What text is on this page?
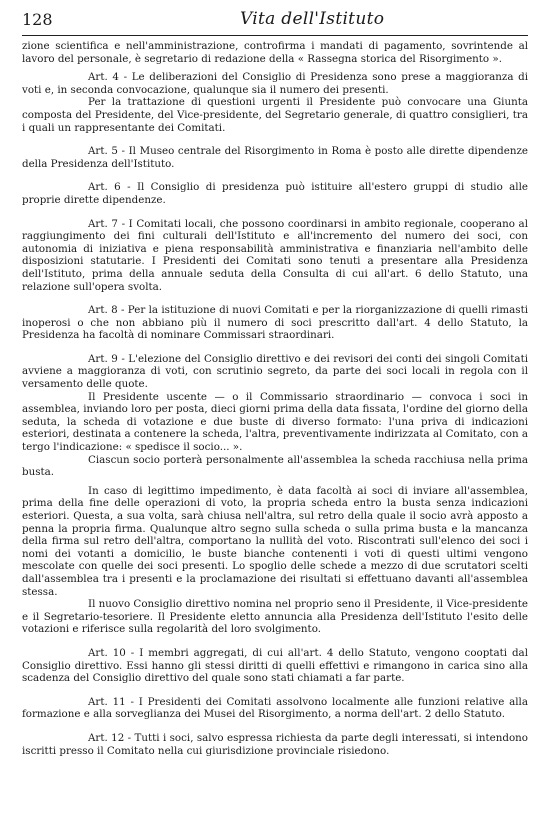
128	Vita dell'Istituto

zione scientifica e nell'amministrazione, controfirma i mandati di pagamento, sovrintende al lavoro del personale, è segretario di redazione della « Rassegna storica del Risorgimento ».

Art. 4 - Le deliberazioni del Consiglio di Presidenza sono prese a maggioranza di voti e, in seconda convocazione, qualunque sia il numero dei presenti.

Per la trattazione di questioni urgenti il Presidente può convocare una Giunta composta del Presidente, del Vice-presidente, del Segretario generale, di quattro consiglieri, tra i quali un rappresentante dei Comitati.

Art. 5 - Il Museo centrale del Risorgimento in Roma è posto alle dirette dipendenze della Presidenza dell'Istituto.

Art. 6 - Il Consiglio di presidenza può istituire all'estero gruppi di studio alle proprie dirette dipendenze.

Art. 7 - I Comitati locali, che possono coordinarsi in ambito regionale, cooperano al raggiungimento dei fini culturali dell'Istituto e all'incremento del numero dei soci, con autonomia di iniziativa e piena responsabilità amministrativa e finanziaria nell'ambito delle disposizioni statutarie. I Presidenti dei Comitati sono tenuti a presentare alla Presidenza dell'Istituto, prima della annuale seduta della Consulta di cui all'art. 6 dello Statuto, una relazione sull'opera svolta.

Art. 8 - Per la istituzione di nuovi Comitati e per la riorganizzazione di quelli rimasti inoperosi o che non abbiano più il numero di soci prescritto dall'art. 4 dello Statuto, la Presidenza ha facoltà di nominare Commissari straordinari.

Art. 9 - L'elezione del Consiglio direttivo e dei revisori dei conti dei singoli Comitati avviene a maggioranza di voti, con scrutinio segreto, da parte dei soci locali in regola con il versamento delle quote.

Il Presidente uscente — o il Commissario straordinario — convoca i soci in assemblea, inviando loro per posta, dieci giorni prima della data fissata, l'ordine del giorno della seduta, la scheda di votazione e due buste di diverso formato: l'una priva di indicazioni esteriori, destinata a contenere la scheda, l'altra, preventivamente indirizzata al Comitato, con a tergo l'indicazione: « spedisce il socio... ».

Ciascun socio porterà personalmente all'assemblea la scheda racchiusa nella prima busta.

In caso di legittimo impedimento, è data facoltà ai soci di inviare all'assemblea, prima della fine delle operazioni di voto, la propria scheda entro la busta senza indicazioni esteriori. Questa, a sua volta, sarà chiusa nell'altra, sul retro della quale il socio avrà apposto a penna la propria firma. Qualunque altro segno sulla scheda o sulla prima busta e la mancanza della firma sul retro dell'altra, comportano la nullità del voto. Riscontrati sull'elenco dei soci i nomi dei votanti a domicilio, le buste bianche contenenti i voti di questi ultimi vengono mescolate con quelle dei soci presenti. Lo spoglio delle schede a mezzo di due scrutatori scelti dall'assemblea tra i presenti e la proclamazione dei risultati si effettuano davanti all'assemblea stessa.

Il nuovo Consiglio direttivo nomina nel proprio seno il Presidente, il Vice-presidente e il Segretario-tesoriere. Il Presidente eletto annuncia alla Presidenza dell'Istituto l'esito delle votazioni e riferisce sulla regolarità del loro svolgimento.

Art. 10 - I membri aggregati, di cui all'art. 4 dello Statuto, vengono cooptati dal Consiglio direttivo. Essi hanno gli stessi diritti di quelli effettivi e rimangono in carica sino alla scadenza del Consiglio direttivo del quale sono stati chiamati a far parte.

Art. 11 - I Presidenti dei Comitati assolvono localmente alle funzioni relative alla formazione e alla sorveglianza dei Musei del Risorgimento, a norma dell'art. 2 dello Statuto.

Art. 12 - Tutti i soci, salvo espressa richiesta da parte degli interessati, si intendono iscritti presso il Comitato nella cui giurisdizione provinciale risiedono.
